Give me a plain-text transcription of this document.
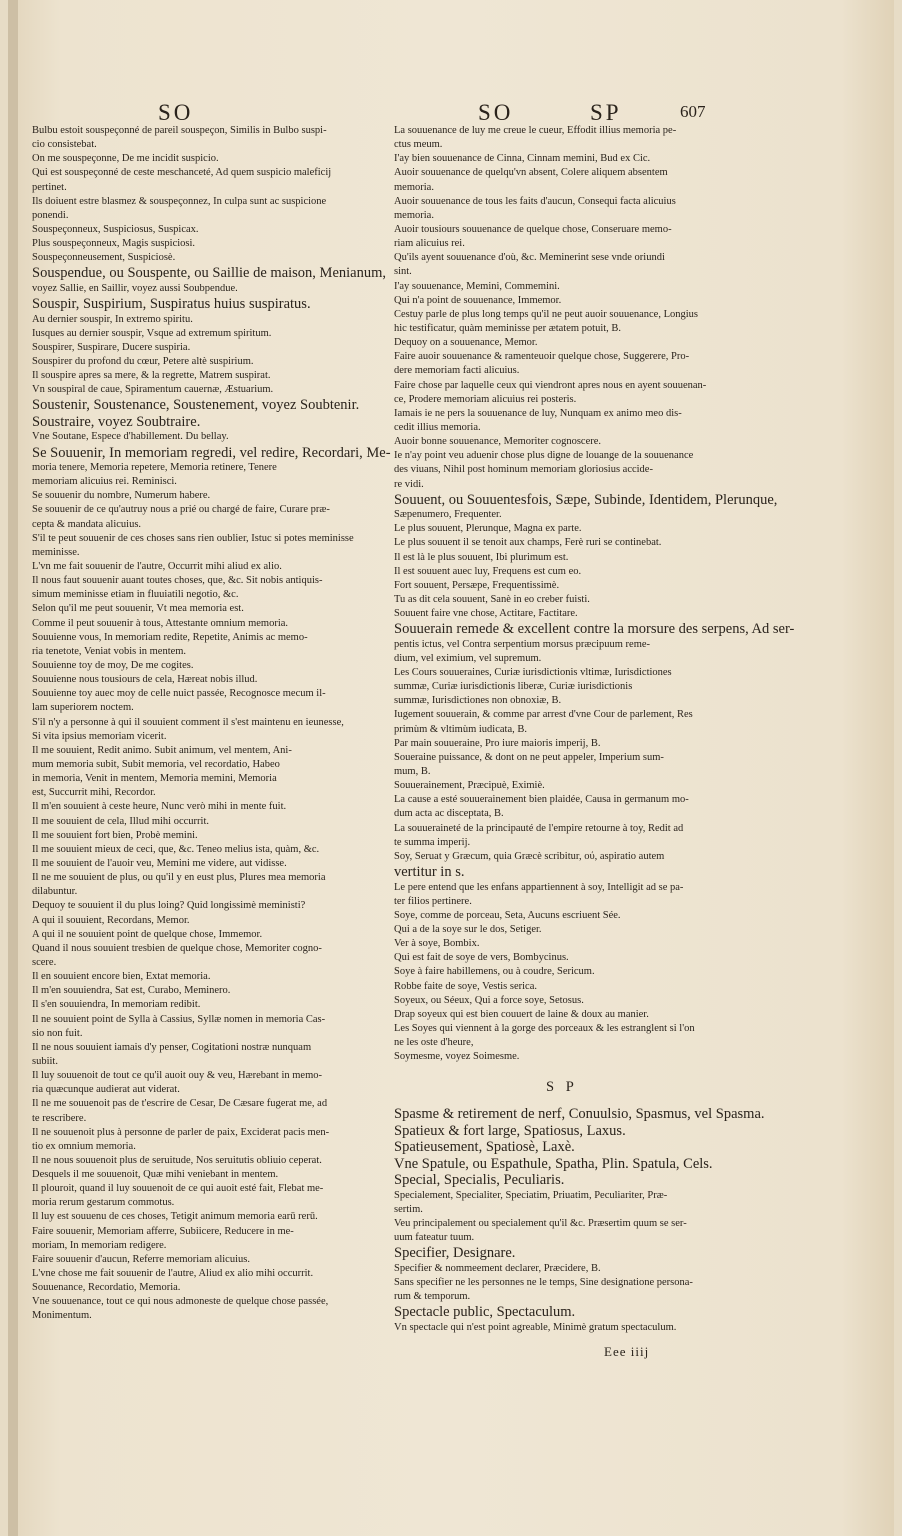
SO	SO	SP	607
Bulbu estoit souspeçonné de pareil souspeçon, Similis in Bulbo suspi-
cio consistebat.
On me souspeçonne, De me incidit suspicio.
Qui est souspeçonné de ceste meschanceté, Ad quem suspicio maleficij
pertinet.
Ils doiuent estre blasmez & souspeçonnez, In culpa sunt ac suspicione
ponendi.
Souspeçonneux, Suspiciosus, Suspicax.
Plus souspeçonneux, Magis suspiciosi.
Souspeçonneusement, Suspiciosè.
Souspendue, ou Souspente, ou Saillie de maison, Menianum,
voyez Sallie, en Saillir, voyez aussi Soubpendue.
Souspir, Suspirium, Suspiratus huius suspiratus.
Au dernier souspir, In extremo spiritu.
Iusques au dernier souspir, Vsque ad extremum spiritum.
Souspirer, Suspirare, Ducere suspiria.
Souspirer du profond du cœur, Petere altè suspirium.
Il souspire apres sa mere, & la regrette, Matrem suspirat.
Vn souspiral de caue, Spiramentum cauernæ, Æstuarium.
Soustenir, Soustenance, Soustenement, voyez Soubtenir.
Soustraire, voyez Soubtraire.
Vne Soutane, Espece d'habillement. Du bellay.
Se Souuenir, In memoriam regredi, vel redire, Recordari, Me-
moria tenere, Memoria repetere, Memoria retinere, Tenere
memoriam alicuius rei. Reminisci.
Se souuenir du nombre, Numerum habere.
Se souuenir de ce qu'autruy nous a prié ou chargé de faire, Curare præ-
cepta & mandata alicuius.
S'il te peut souuenir de ces choses sans rien oublier, Istuc si potes meminisse
meminisse.
L'vn me fait souuenir de l'autre, Occurrit mihi aliud ex alio.
Il nous faut souuenir auant toutes choses, que, &c. Sit nobis antiquis-
simum meminisse etiam in fluuiatili negotio, &c.
Selon qu'il me peut souuenir, Vt mea memoria est.
Comme il peut souuenir à tous, Attestante omnium memoria.
Souuienne vous, In memoriam redite, Repetite, Animis ac memo-
ria tenetote, Veniat vobis in mentem.
Souuienne toy de moy, De me cogites.
Souuienne nous tousiours de cela, Hæreat nobis illud.
Souuienne toy auec moy de celle nuict passée, Recognosce mecum il-
lam superiorem noctem.
S'il n'y a personne à qui il souuient comment il s'est maintenu en ieunesse,
Si vita ipsius memoriam vicerit.
Il me souuient, Redit animo. Subit animum, vel mentem, Ani-
mum memoria subit, Subit memoria, vel recordatio, Habeo
in memoria, Venit in mentem, Memoria memini, Memoria
est, Succurrit mihi, Recordor.
Il m'en souuient à ceste heure, Nunc verò mihi in mente fuit.
Il me souuient de cela, Illud mihi occurrit.
Il me souuient fort bien, Probè memini.
Il me souuient mieux de ceci, que, &c. Teneo melius ista, quàm, &c.
Il me souuient de l'auoir veu, Memini me videre, aut vidisse.
Il ne me souuient de plus, ou qu'il y en eust plus, Plures mea memoria
dilabuntur.
Dequoy te souuient il du plus loing? Quid longissimè meministi?
A qui il souuient, Recordans, Memor.
A qui il ne souuient point de quelque chose, Immemor.
Quand il nous souuient tresbien de quelque chose, Memoriter cogno-
scere.
Il en souuient encore bien, Extat memoria.
Il m'en souuiendra, Sat est, Curabo, Meminero.
Il s'en souuiendra, In memoriam redibit.
Il ne souuient point de Sylla à Cassius, Syllæ nomen in memoria Cas-
sio non fuit.
Il ne nous souuient iamais d'y penser, Cogitationi nostræ nunquam
subiit.
Il luy souuenoit de tout ce qu'il auoit ouy & veu, Hærebant in memo-
ria quæcunque audierat aut viderat.
Il ne me souuenoit pas de t'escrire de Cesar, De Cæsare fugerat me, ad
te rescribere.
Il ne souuenoit plus à personne de parler de paix, Exciderat pacis men-
tio ex omnium memoria.
Il ne nous souuenoit plus de seruitude, Nos seruitutis obliuio ceperat.
Desquels il me souuenoit, Quæ mihi veniebant in mentem.
Il plouroit, quand il luy souuenoit de ce qui auoit esté fait, Flebat me-
moria rerum gestarum commotus.
Il luy est souuenu de ces choses, Tetigit animum memoria earū rerū.
Faire souuenir, Memoriam afferre, Subiicere, Reducere in me-
moriam, In memoriam redigere.
Faire souuenir d'aucun, Referre memoriam alicuius.
L'vne chose me fait souuenir de l'autre, Aliud ex alio mihi occurrit.
Souuenance, Recordatio, Memoria.
Vne souuenance, tout ce qui nous admoneste de quelque chose passée,
Monimentum.
La souuenance de luy me creue le cueur, Effodit illius memoria pe-
ctus meum.
I'ay bien souuenance de Cinna, Cinnam memini, Bud ex Cic.
Auoir souuenance de quelqu'vn absent, Colere aliquem absentem
memoria.
Auoir souuenance de tous les faits d'aucun, Consequi facta alicuius
memoria.
Auoir tousiours souuenance de quelque chose, Conseruare memo-
riam alicuius rei.
Qu'ils ayent souuenance d'où, &c. Meminerint sese vnde oriundi
sint.
I'ay souuenance, Memini, Commemini.
Qui n'a point de souuenance, Immemor.
Cestuy parle de plus long temps qu'il ne peut auoir souuenance, Longius
hic testificatur, quàm meminisse per ætatem potuit, B.
Dequoy on a souuenance, Memor.
Faire auoir souuenance & ramenteuoir quelque chose, Suggerere, Pro-
dere memoriam facti alicuius.
Faire chose par laquelle ceux qui viendront apres nous en ayent souuenan-
ce, Prodere memoriam alicuius rei posteris.
Iamais ie ne pers la souuenance de luy, Nunquam ex animo meo dis-
cedit illius memoria.
Auoir bonne souuenance, Memoriter cognoscere.
Ie n'ay point veu aduenir chose plus digne de louange de la souuenance
des viuans, Nihil post hominum memoriam gloriosius accide-
re vidi.
Souuent, ou Souuentesfois, Sæpe, Subinde, Identidem, Plerunque,
Sæpenumero, Frequenter.
Le plus souuent, Plerunque, Magna ex parte.
Le plus souuent il se tenoit aux champs, Ferè ruri se continebat.
Il est là le plus souuent, Ibi plurimum est.
Il est souuent auec luy, Frequens est cum eo.
Fort souuent, Persæpe, Frequentissimè.
Tu as dit cela souuent, Sanè in eo creber fuisti.
Souuent faire vne chose, Actitare, Factitare.
Souuerain remede & excellent contre la morsure des serpens, Ad ser-
pentis ictus, vel Contra serpentium morsus præcipuum reme-
dium, vel eximium, vel supremum.
Les Cours souueraines, Curiæ iurisdictionis vltimæ, Iurisdictiones
summæ, Curiæ iurisdictionis liberæ, Curiæ iurisdictionis
summæ, Iurisdictiones non obnoxiæ, B.
Iugement souuerain, & comme par arrest d'vne Cour de parlement, Res
primùm & vltimùm iudicata, B.
Par main souueraine, Pro iure maioris imperij, B.
Soueraine puissance, & dont on ne peut appeler, Imperium sum-
mum, B.
Souuerainement, Præcipuè, Eximiè.
La cause a esté souuerainement bien plaidée, Causa in germanum mo-
dum acta ac disceptata, B.
La souueraineté de la principauté de l'empire retourne à toy, Redit ad
te summa imperij.
Soy, Seruat y Græcum, quia Græcè scribitur, ού, aspiratio autem
vertitur in s.
Le pere entend que les enfans appartiennent à soy, Intelligit ad se pa-
ter filios pertinere.
Soye, comme de porceau, Seta, Aucuns escriuent Sée.
Qui a de la soye sur le dos, Setiger.
Ver à soye, Bombix.
Qui est fait de soye de vers, Bombycinus.
Soye à faire habillemens, ou à coudre, Sericum.
Robbe faite de soye, Vestis serica.
Soyeux, ou Séeux, Qui a force soye, Setosus.
Drap soyeux qui est bien couuert de laine & doux au manier.
Les Soyes qui viennent à la gorge des porceaux & les estranglent si l'on
ne les oste d'heure,
Soymesme, voyez Soimesme.
S P
Spasme & retirement de nerf, Conuulsio, Spasmus, vel Spasma.
Spatieux & fort large, Spatiosus, Laxus.
Spatieusement, Spatiosè, Laxè.
Vne Spatule, ou Espathule, Spatha, Plin. Spatula, Cels.
Special, Specialis, Peculiaris.
Specialement, Specialiter, Speciatim, Priuatim, Peculiariter, Præ-
sertim.
Veu principalement ou specialement qu'il &c. Præsertim quum se ser-
uum fateatur tuum.
Specifier, Designare.
Specifier & nommeement declarer, Præcidere, B.
Sans specifier ne les personnes ne le temps, Sine designatione persona-
rum & temporum.
Spectacle public, Spectaculum.
Vn spectacle qui n'est point agreable, Minimè gratum spectaculum.
Eee iiij
